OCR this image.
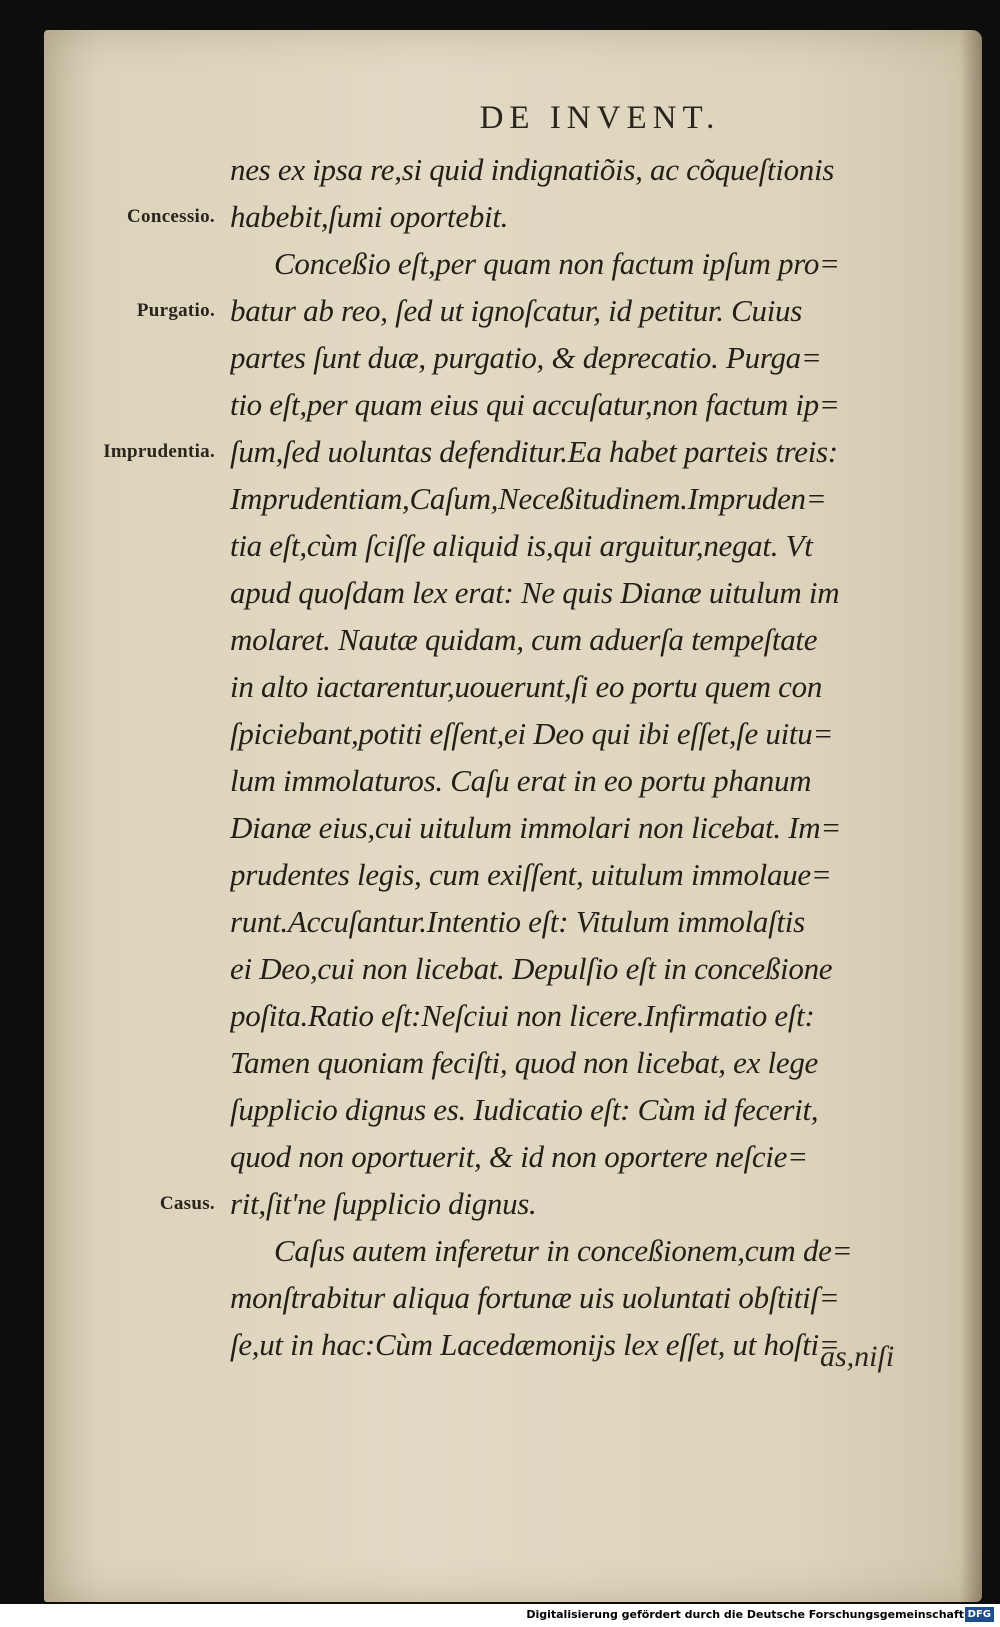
DE INVENT.
Concessio.
Purgatio.
Imprudentia.
Casus.
nes ex ipsa re,si quid indignatiõis, ac cõqueſtionis
habebit,ſumi oportebit.
Conceßio eſt,per quam non factum ipſum pro=
batur ab reo, ſed ut ignoſcatur, id petitur. Cuius
partes ſunt duæ, purgatio, & deprecatio. Purga=
tio eſt,per quam eius qui accuſatur,non factum ip=
ſum,ſed uoluntas defenditur.Ea habet parteis treis:
Imprudentiam,Caſum,Neceßitudinem.Impruden=
tia eſt,cùm ſciſſe aliquid is,qui arguitur,negat. Vt
apud quoſdam lex erat: Ne quis Dianæ uitulum im
molaret. Nautæ quidam, cum aduerſa tempeſtate
in alto iactarentur,uouerunt,ſi eo portu quem con
ſpiciebant,potiti eſſent,ei Deo qui ibi eſſet,ſe uitu=
lum immolaturos. Caſu erat in eo portu phanum
Dianæ eius,cui uitulum immolari non licebat. Im=
prudentes legis, cum exiſſent, uitulum immolaue=
runt.Accuſantur.Intentio eſt: Vitulum immolaſtis
ei Deo,cui non licebat. Depulſio eſt in conceßione
poſita.Ratio eſt:Neſciui non licere.Infirmatio eſt:
Tamen quoniam feciſti, quod non licebat, ex lege
ſupplicio dignus es. Iudicatio eſt: Cùm id fecerit,
quod non oportuerit, & id non oportere neſcie=
rit,ſit'ne ſupplicio dignus.
Caſus autem inferetur in conceßionem,cum de=
monſtrabitur aliqua fortunæ uis uoluntati obſtitiſ=
ſe,ut in hac:Cùm Lacedæmonijs lex eſſet, ut hoſti=
as,niſi
Digitalisierung gefördert durch die Deutsche Forschungsgemeinschaft DFG
